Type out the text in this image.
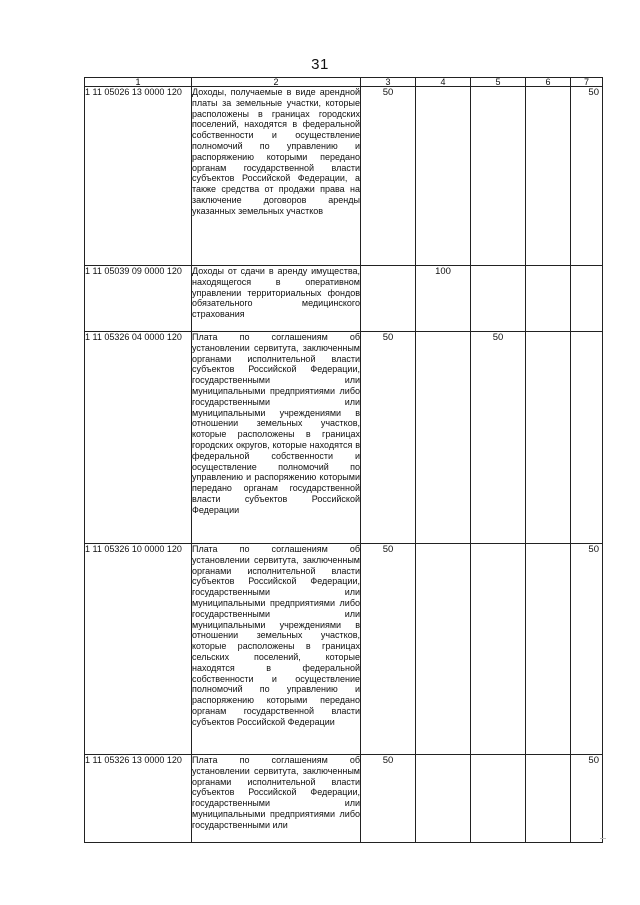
31
1	2	3	4	5	6	7
1 11 05026 13 0000 120	Доходы, получаемые в виде арендной платы за земельные участки, которые расположены в границах городских поселений, находятся в федеральной собственности и осуществление полномочий по управлению и распоряжению которыми передано органам государственной власти субъектов Российской Федерации, а также средства от продажи права на заключение договоров аренды указанных земельных участков	50				50
1 11 05039 09 0000 120	Доходы от сдачи в аренду имущества, находящегося в оперативном управлении территориальных фондов обязательного медицинского страхования		100			
1 11 05326 04 0000 120	Плата по соглашениям об установлении сервитута, заключенным органами исполнительной власти субъектов Российской Федерации, государственными или муниципальными предприятиями либо государственными или муниципальными учреждениями в отношении земельных участков, которые расположены в границах городских округов, которые находятся в федеральной собственности и осуществление полномочий по управлению и распоряжению которыми передано органам государственной власти субъектов Российской Федерации	50		50		
1 11 05326 10 0000 120	Плата по соглашениям об установлении сервитута, заключенным органами исполнительной власти субъектов Российской Федерации, государственными или муниципальными предприятиями либо государственными или муниципальными учреждениями в отношении земельных участков, которые расположены в границах сельских поселений, которые находятся в федеральной собственности и осуществление полномочий по управлению и распоряжению которыми передано органам государственной власти субъектов Российской Федерации	50				50
1 11 05326 13 0000 120	Плата по соглашениям об установлении сервитута, заключенным органами исполнительной власти субъектов Российской Федерации, государственными или муниципальными предприятиями либо государственными или	50				50
